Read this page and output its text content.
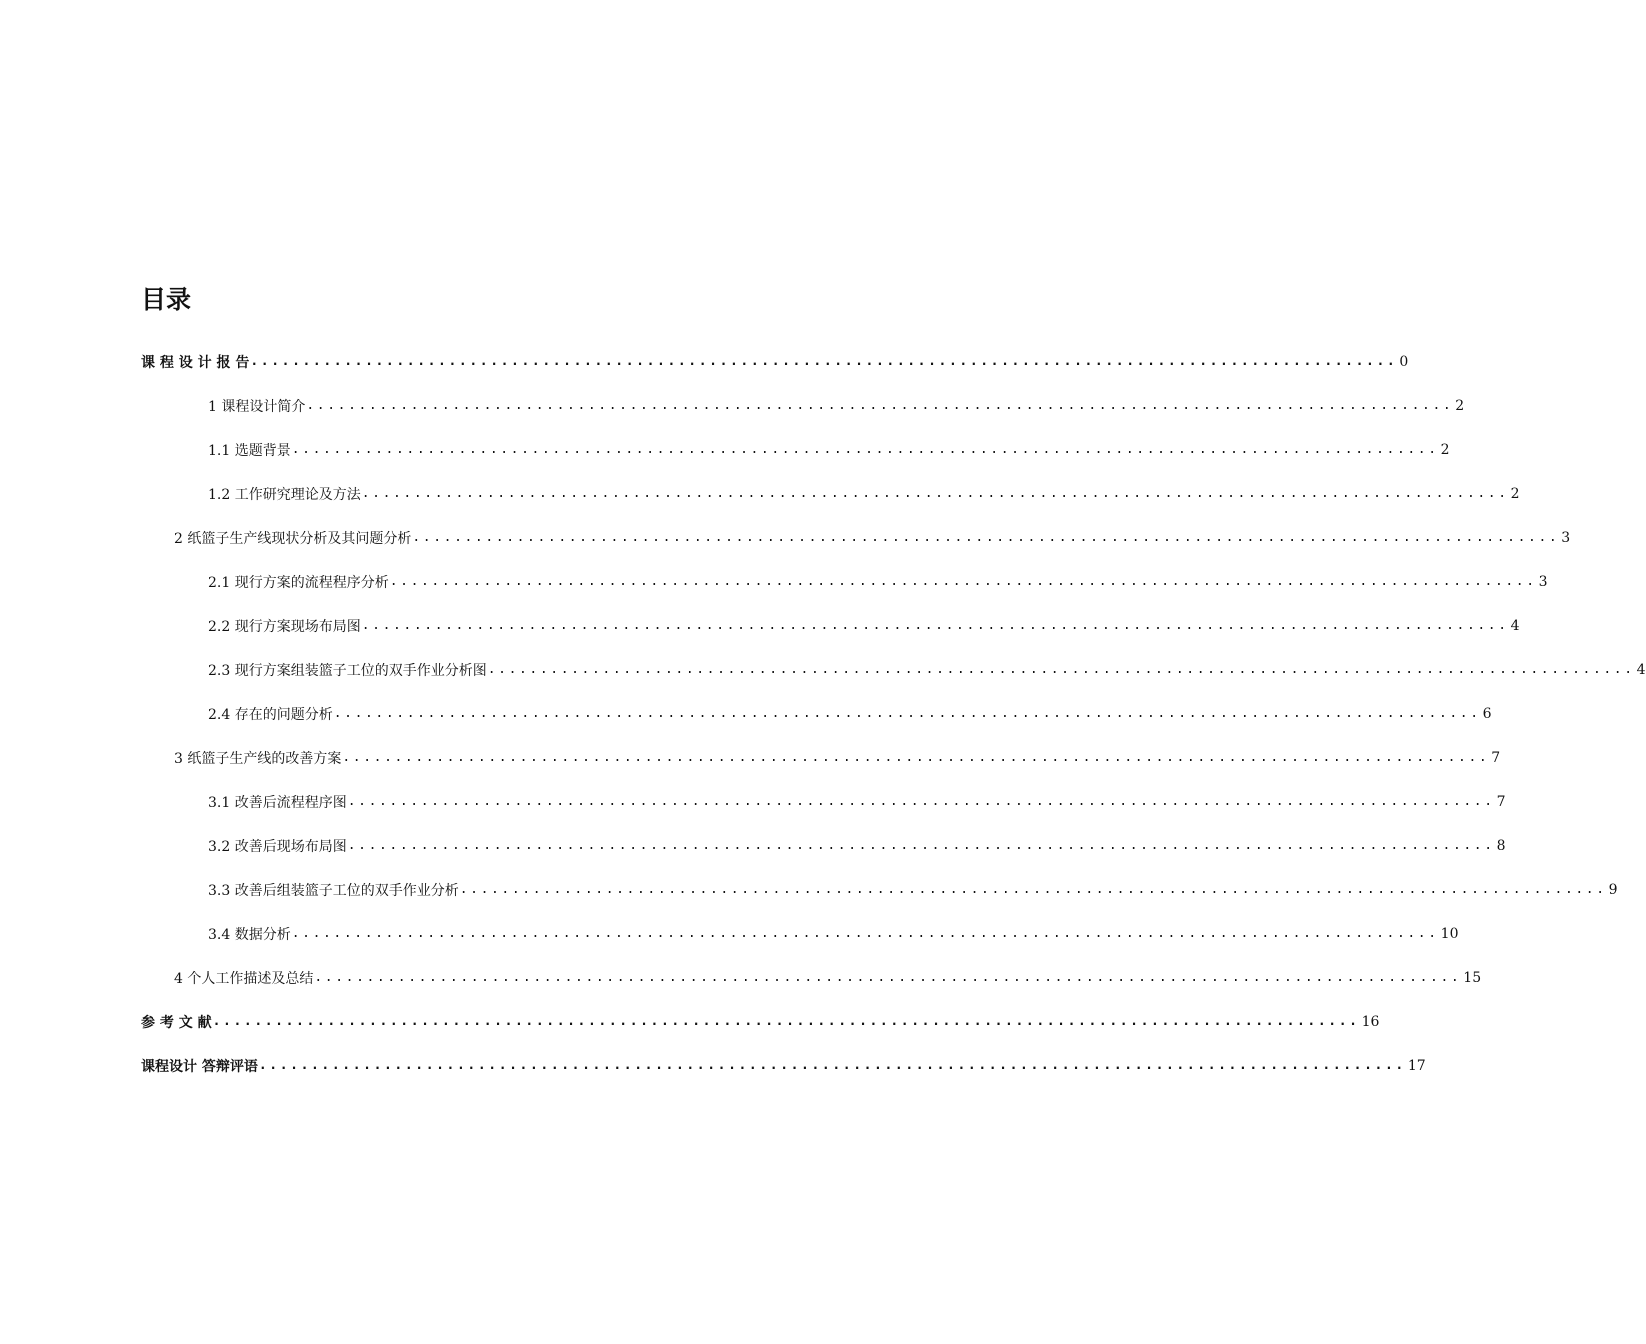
目录
课 程 设 计 报 告 .............................................................................................................. 0
1 课程设计简介 .............................................................................................................. 2
1.1 选题背景 .............................................................................................................. 2
1.2 工作研究理论及方法 .............................................................................................................. 2
2 纸篮子生产线现状分析及其问题分析 .............................................................................................................. 3
2.1 现行方案的流程程序分析 .............................................................................................................. 3
2.2 现行方案现场布局图 .............................................................................................................. 4
2.3 现行方案组装篮子工位的双手作业分析图 .............................................................................................................. 4
2.4 存在的问题分析 .............................................................................................................. 6
3 纸篮子生产线的改善方案 .............................................................................................................. 7
3.1 改善后流程程序图 .............................................................................................................. 7
3.2 改善后现场布局图 .............................................................................................................. 8
3.3 改善后组装篮子工位的双手作业分析 .............................................................................................................. 9
3.4 数据分析 .............................................................................................................. 10
4 个人工作描述及总结 .............................................................................................................. 15
参 考 文 献 .............................................................................................................. 16
课程设计 答辩评语 .............................................................................................................. 17
